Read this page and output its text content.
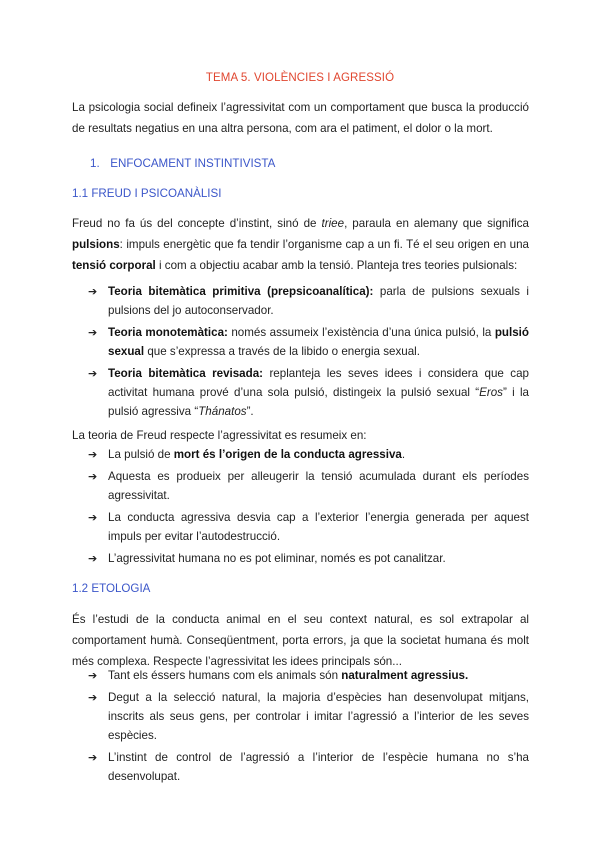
TEMA 5. VIOLÈNCIES I AGRESSIÓ

La psicologia social defineix l’agressivitat com un comportament que busca la producció de resultats negatius en una altra persona, com ara el patiment, el dolor o la mort.

1. ENFOCAMENT INSTINTIVISTA
1.1 FREUD I PSICOANÀLISI

Freud no fa ús del concepte d’instint, sinó de triee, paraula en alemany que significa pulsions: impuls energètic que fa tendir l’organisme cap a un fi. Té el seu origen en una tensió corporal i com a objectiu acabar amb la tensió. Planteja tres teories pulsionals:

➔ Teoria bitemàtica primitiva (prepsicoanalítica): parla de pulsions sexuals i pulsions del jo autoconservador.
➔ Teoria monotemàtica: només assumeix l’existència d’una única pulsió, la pulsió sexual que s’expressa a través de la libido o energia sexual.
➔ Teoria bitemàtica revisada: replanteja les seves idees i considera que cap activitat humana prové d’una sola pulsió, distingeix la pulsió sexual “Eros” i la pulsió agressiva “Thánatos”.

La teoria de Freud respecte l’agressivitat es resumeix en:

➔ La pulsió de mort és l’origen de la conducta agressiva.
➔ Aquesta es produeix per alleugerir la tensió acumulada durant els períodes agressivitat.
➔ La conducta agressiva desvia cap a l’exterior l’energia generada per aquest impuls per evitar l’autodestrucció.
➔ L’agressivitat humana no es pot eliminar, només es pot canalitzar.
1.2 ETOLOGIA

És l’estudi de la conducta animal en el seu context natural, es sol extrapolar al comportament humà. Conseqüentment, porta errors, ja que la societat humana és molt més complexa. Respecte l’agressivitat les idees principals són...

➔ Tant els éssers humans com els animals són naturalment agressius.
➔ Degut a la selecció natural, la majoria d’espècies han desenvolupat mitjans, inscrits als seus gens, per controlar i imitar l’agressió a l’interior de les seves espècies.
➔ L’instint de control de l’agressió a l’interior de l’espècie humana no s’ha desenvolupat.
